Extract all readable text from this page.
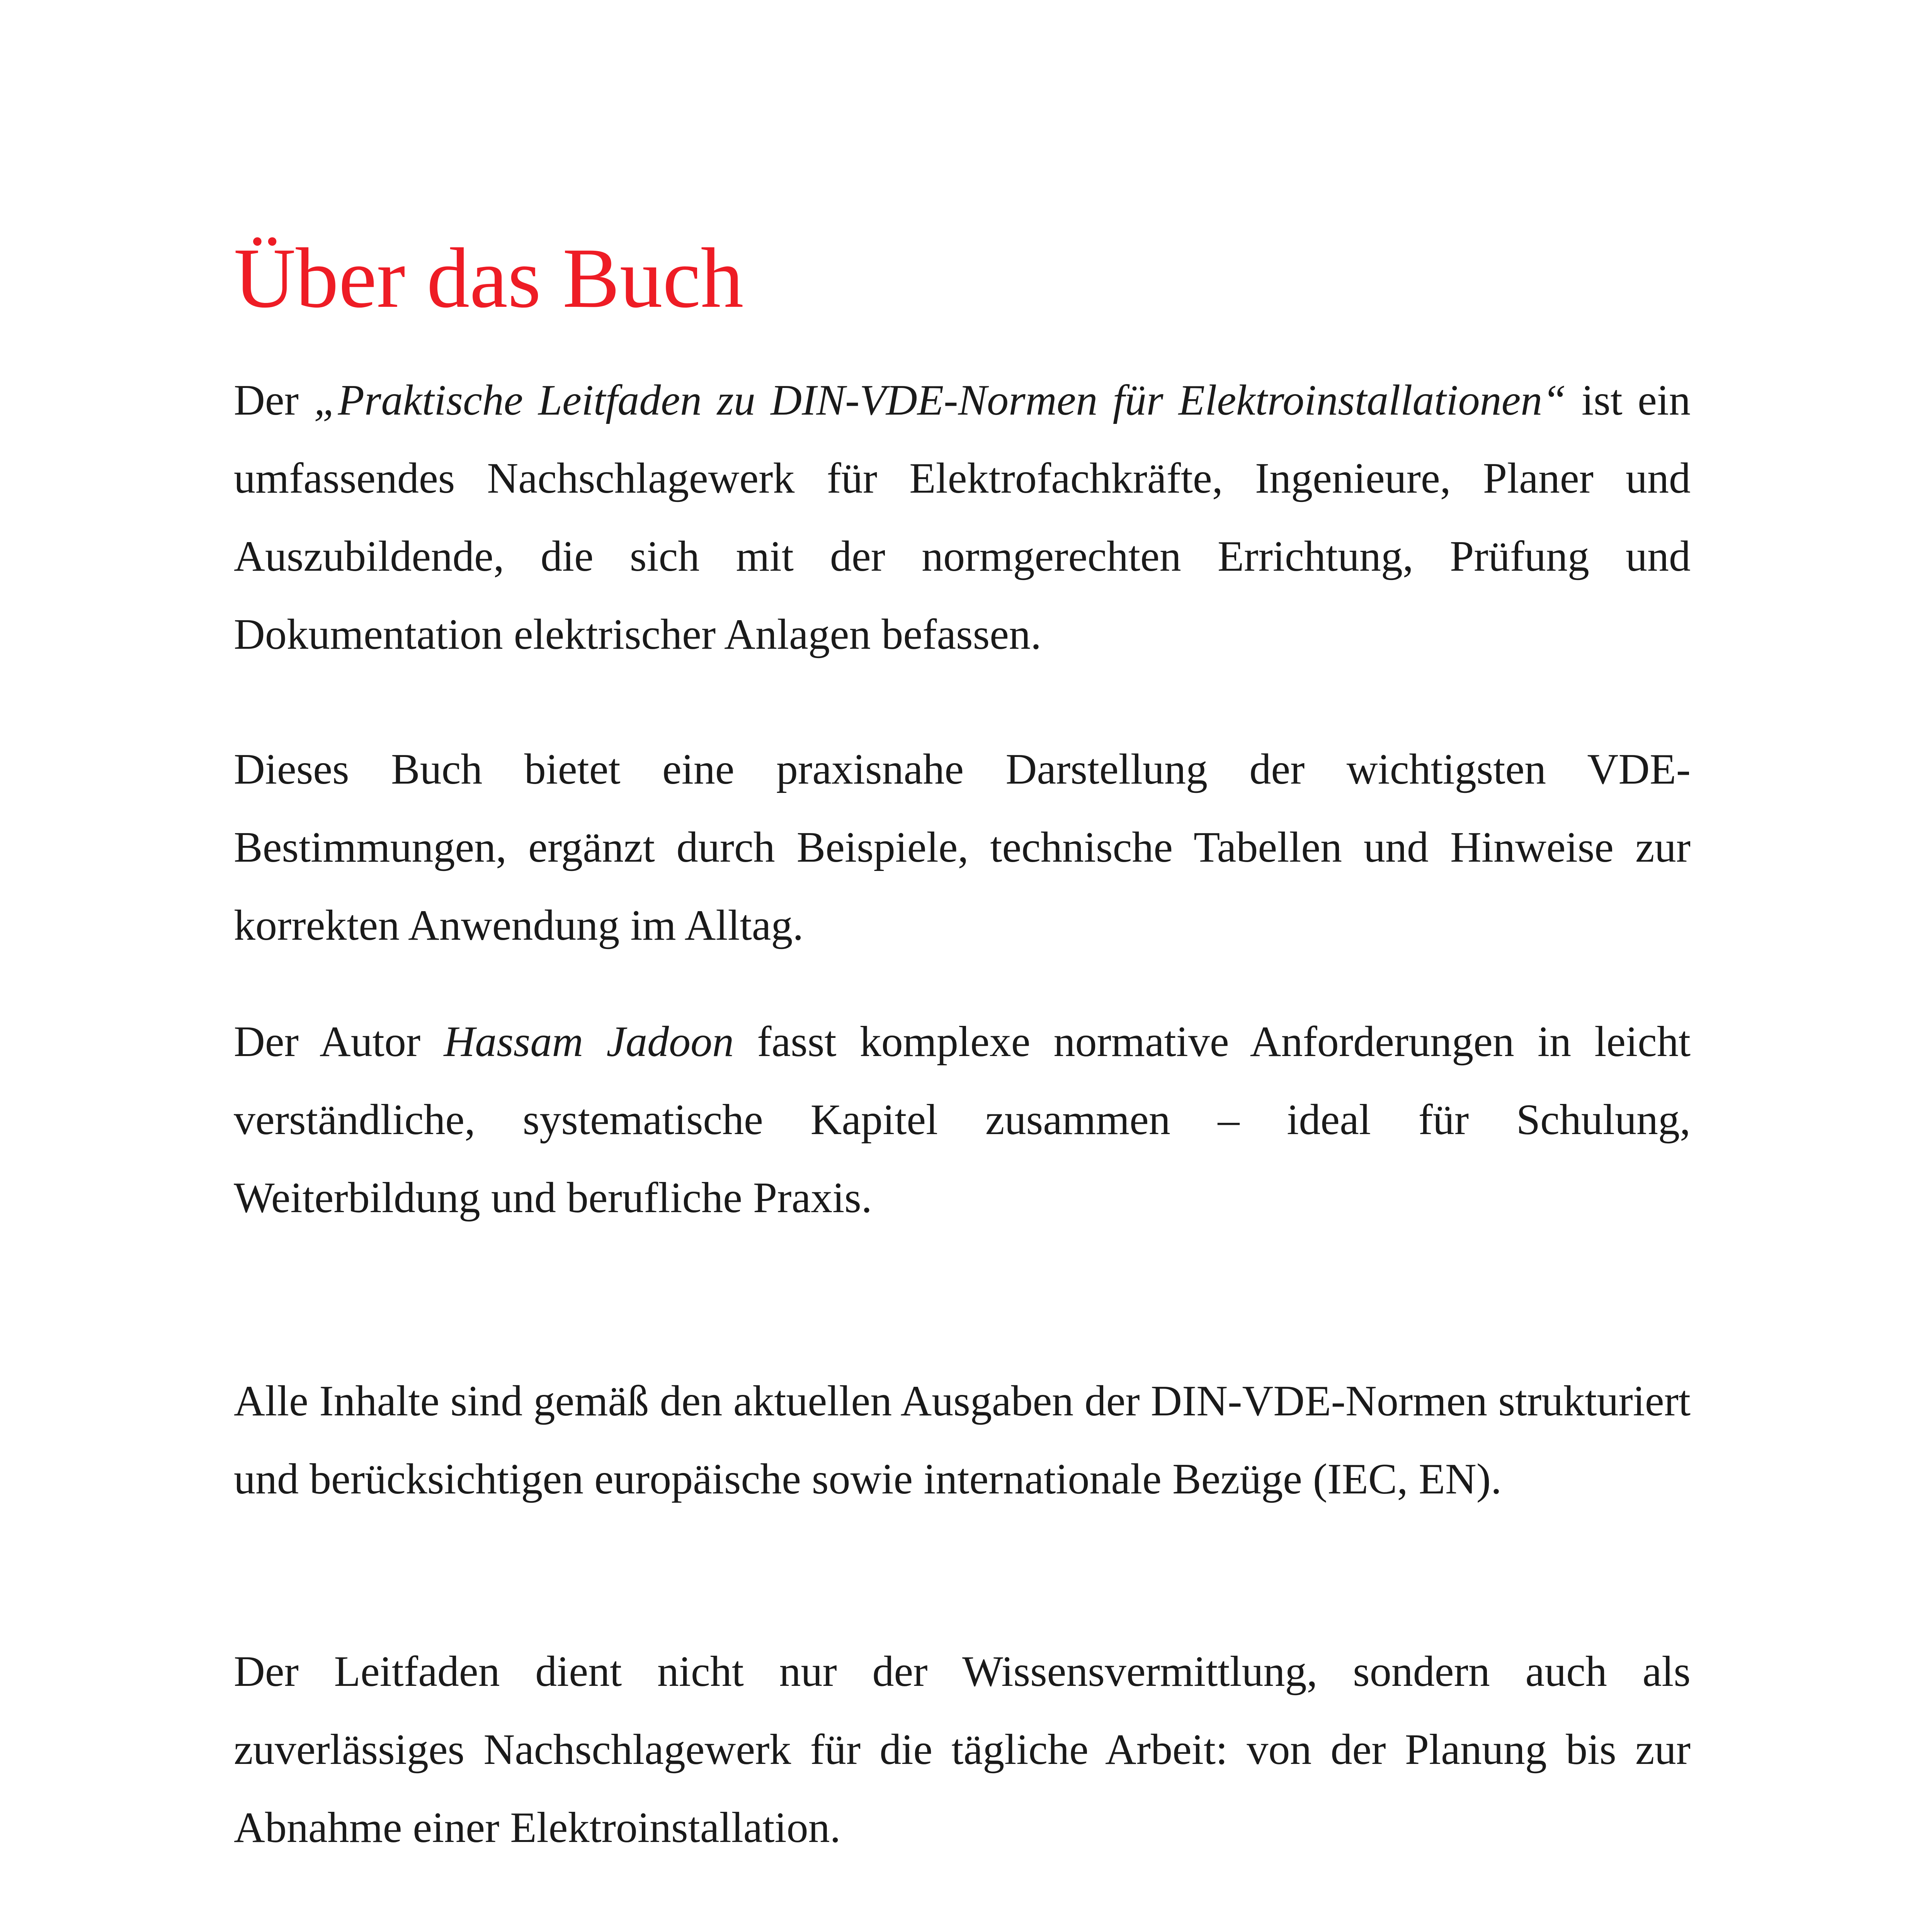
Über das Buch

Der „Praktische Leitfaden zu DIN-VDE-Normen für Elektroinstallationen“ ist ein umfassendes Nachschlagewerk für Elektrofachkräfte, Ingenieure, Planer und Auszubildende, die sich mit der normgerechten Errichtung, Prüfung und Dokumentation elektrischer Anlagen befassen.

Dieses Buch bietet eine praxisnahe Darstellung der wichtigsten VDE-Bestimmungen, ergänzt durch Beispiele, technische Tabellen und Hinweise zur korrekten Anwendung im Alltag.

Der Autor Hassam Jadoon fasst komplexe normative Anforderungen in leicht verständliche, systematische Kapitel zusammen – ideal für Schulung, Weiterbildung und berufliche Praxis.

Alle Inhalte sind gemäß den aktuellen Ausgaben der DIN-VDE-Normen strukturiert und berücksichtigen europäische sowie internationale Bezüge (IEC, EN).

Der Leitfaden dient nicht nur der Wissensvermittlung, sondern auch als zuverlässiges Nachschlagewerk für die tägliche Arbeit: von der Planung bis zur Abnahme einer Elektroinstallation.
